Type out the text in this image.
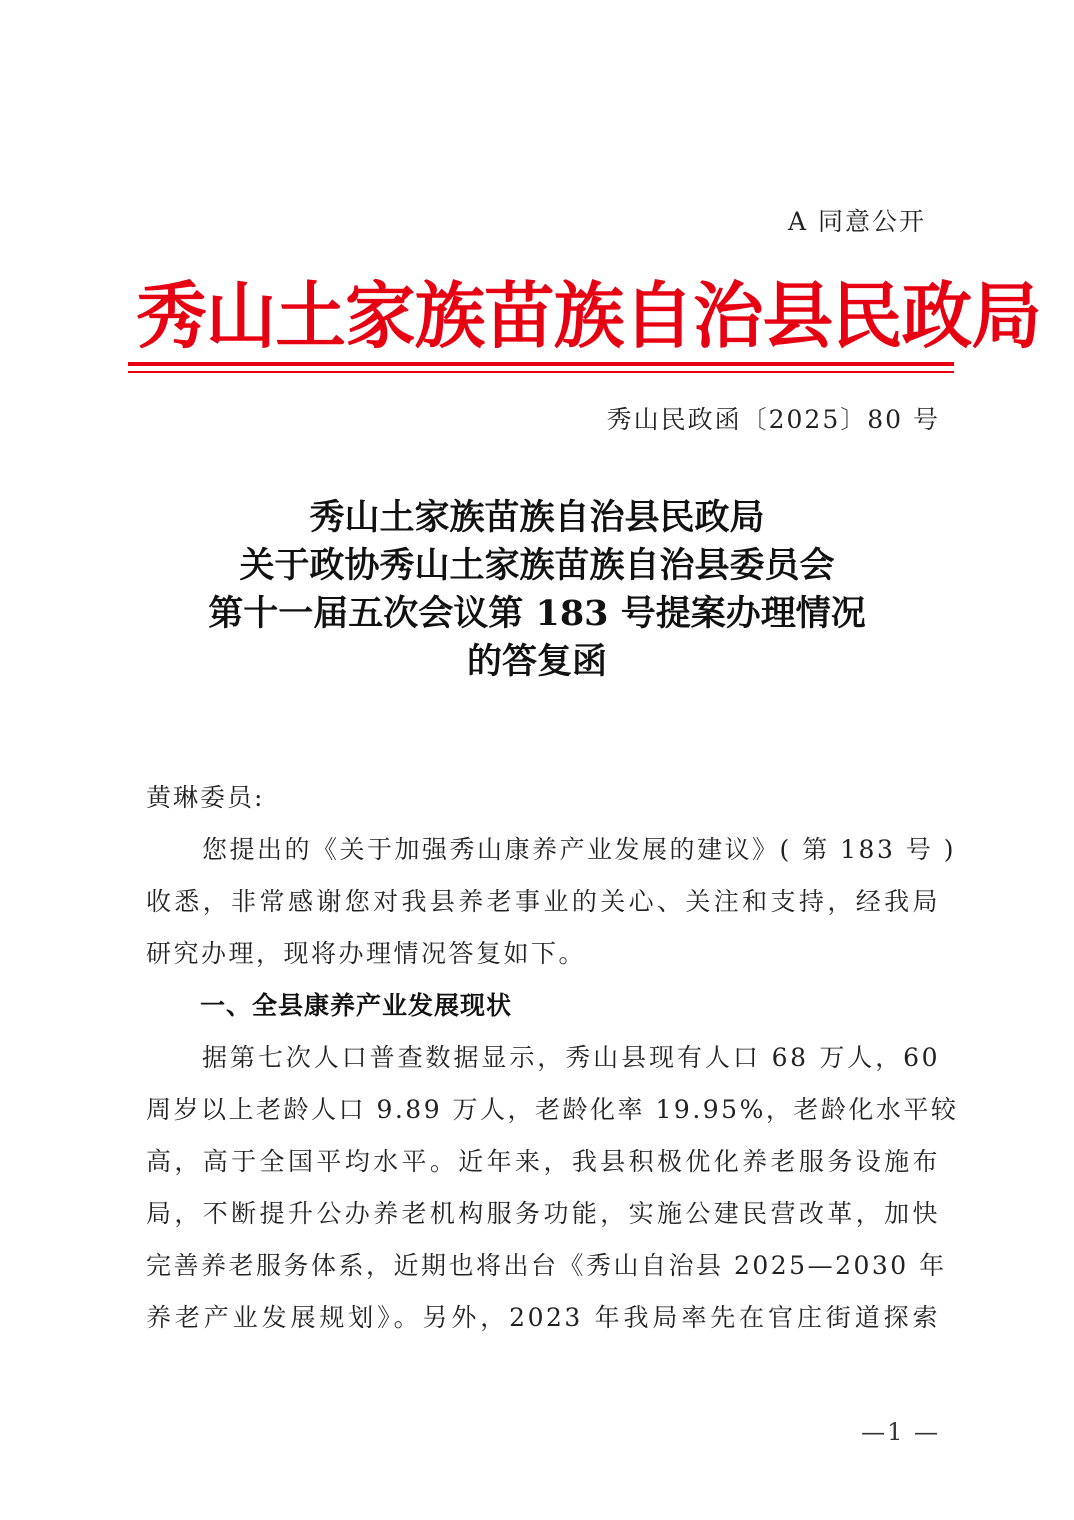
A 同意公开
秀山土家族苗族自治县民政局
秀山民政函〔2025〕80 号
秀山土家族苗族自治县民政局
关于政协秀山土家族苗族自治县委员会
第十一届五次会议第 183 号提案办理情况
的答复函
黄琳委员:
您提出的《关于加强秀山康养产业发展的建议》( 第 183 号 )
收悉，非常感谢您对我县养老事业的关心、关注和支持，经我局
研究办理，现将办理情况答复如下。
一、全县康养产业发展现状
据第七次人口普查数据显示，秀山县现有人口 68 万人，60
周岁以上老龄人口 9.89 万人，老龄化率 19.95%，老龄化水平较
高，高于全国平均水平。近年来，我县积极优化养老服务设施布
局，不断提升公办养老机构服务功能，实施公建民营改革，加快
完善养老服务体系，近期也将出台《秀山自治县 2025—2030 年
养老产业发展规划》。另外，2023 年我局率先在官庄街道探索
—1 —
